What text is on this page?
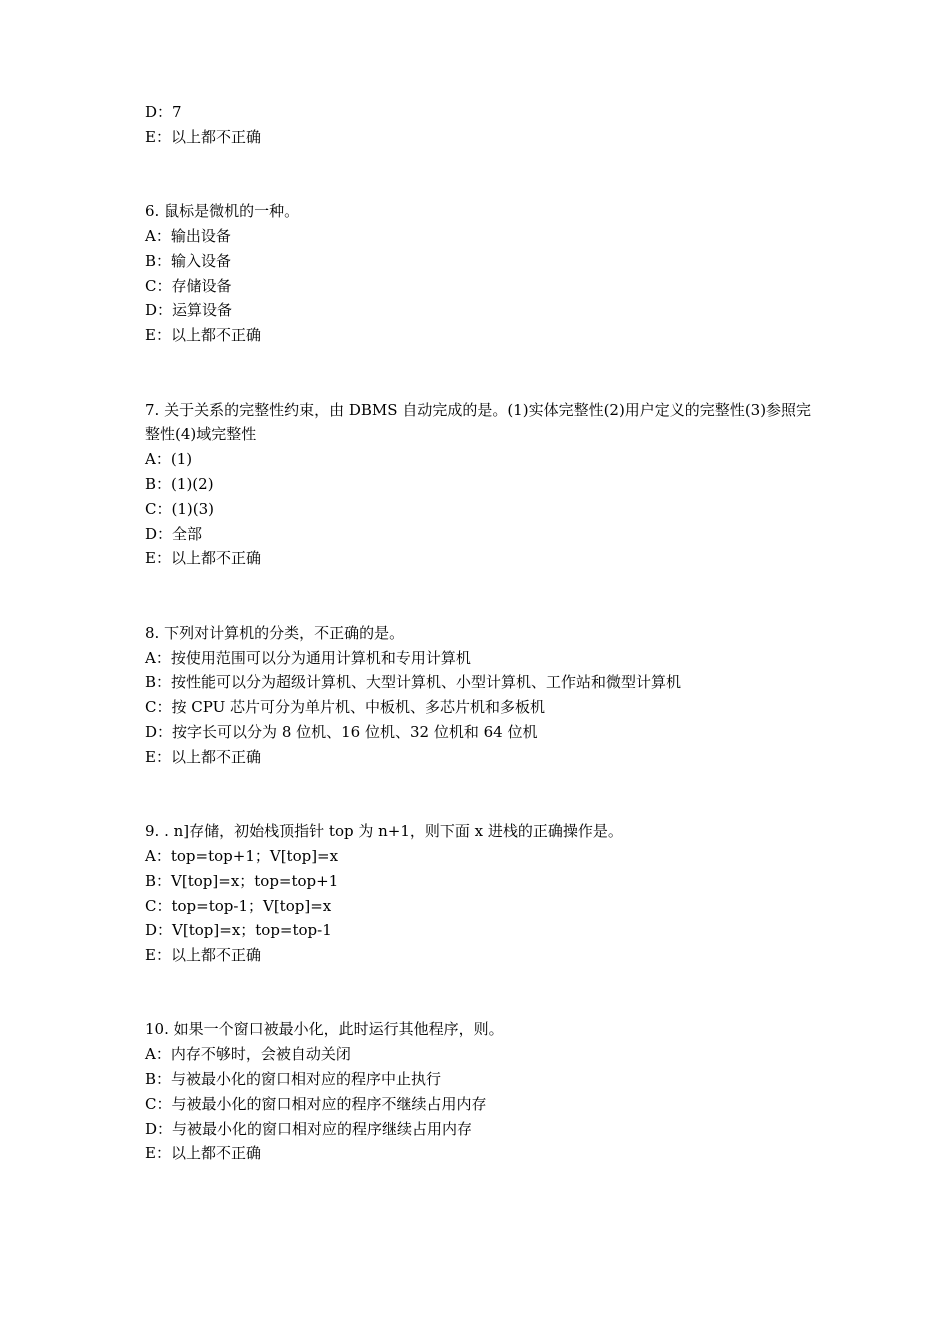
D：7
E：以上都不正确
6. 鼠标是微机的一种。
A：输出设备
B：输入设备
C：存储设备
D：运算设备
E：以上都不正确
7. 关于关系的完整性约束，由 DBMS 自动完成的是。(1)实体完整性(2)用户定义的完整性(3)参照完整性(4)域完整性
A：(1)
B：(1)(2)
C：(1)(3)
D：全部
E：以上都不正确
8. 下列对计算机的分类，不正确的是。
A：按使用范围可以分为通用计算机和专用计算机
B：按性能可以分为超级计算机、大型计算机、小型计算机、工作站和微型计算机
C：按 CPU 芯片可分为单片机、中板机、多芯片机和多板机
D：按字长可以分为 8 位机、16 位机、32 位机和 64 位机
E：以上都不正确
9. . n]存储，初始栈顶指针 top 为 n+1，则下面 x 进栈的正确操作是。
A：top=top+1；V[top]=x
B：V[top]=x；top=top+1
C：top=top-1；V[top]=x
D：V[top]=x；top=top-1
E：以上都不正确
10. 如果一个窗口被最小化，此时运行其他程序，则。
A：内存不够时，会被自动关闭
B：与被最小化的窗口相对应的程序中止执行
C：与被最小化的窗口相对应的程序不继续占用内存
D：与被最小化的窗口相对应的程序继续占用内存
E：以上都不正确
